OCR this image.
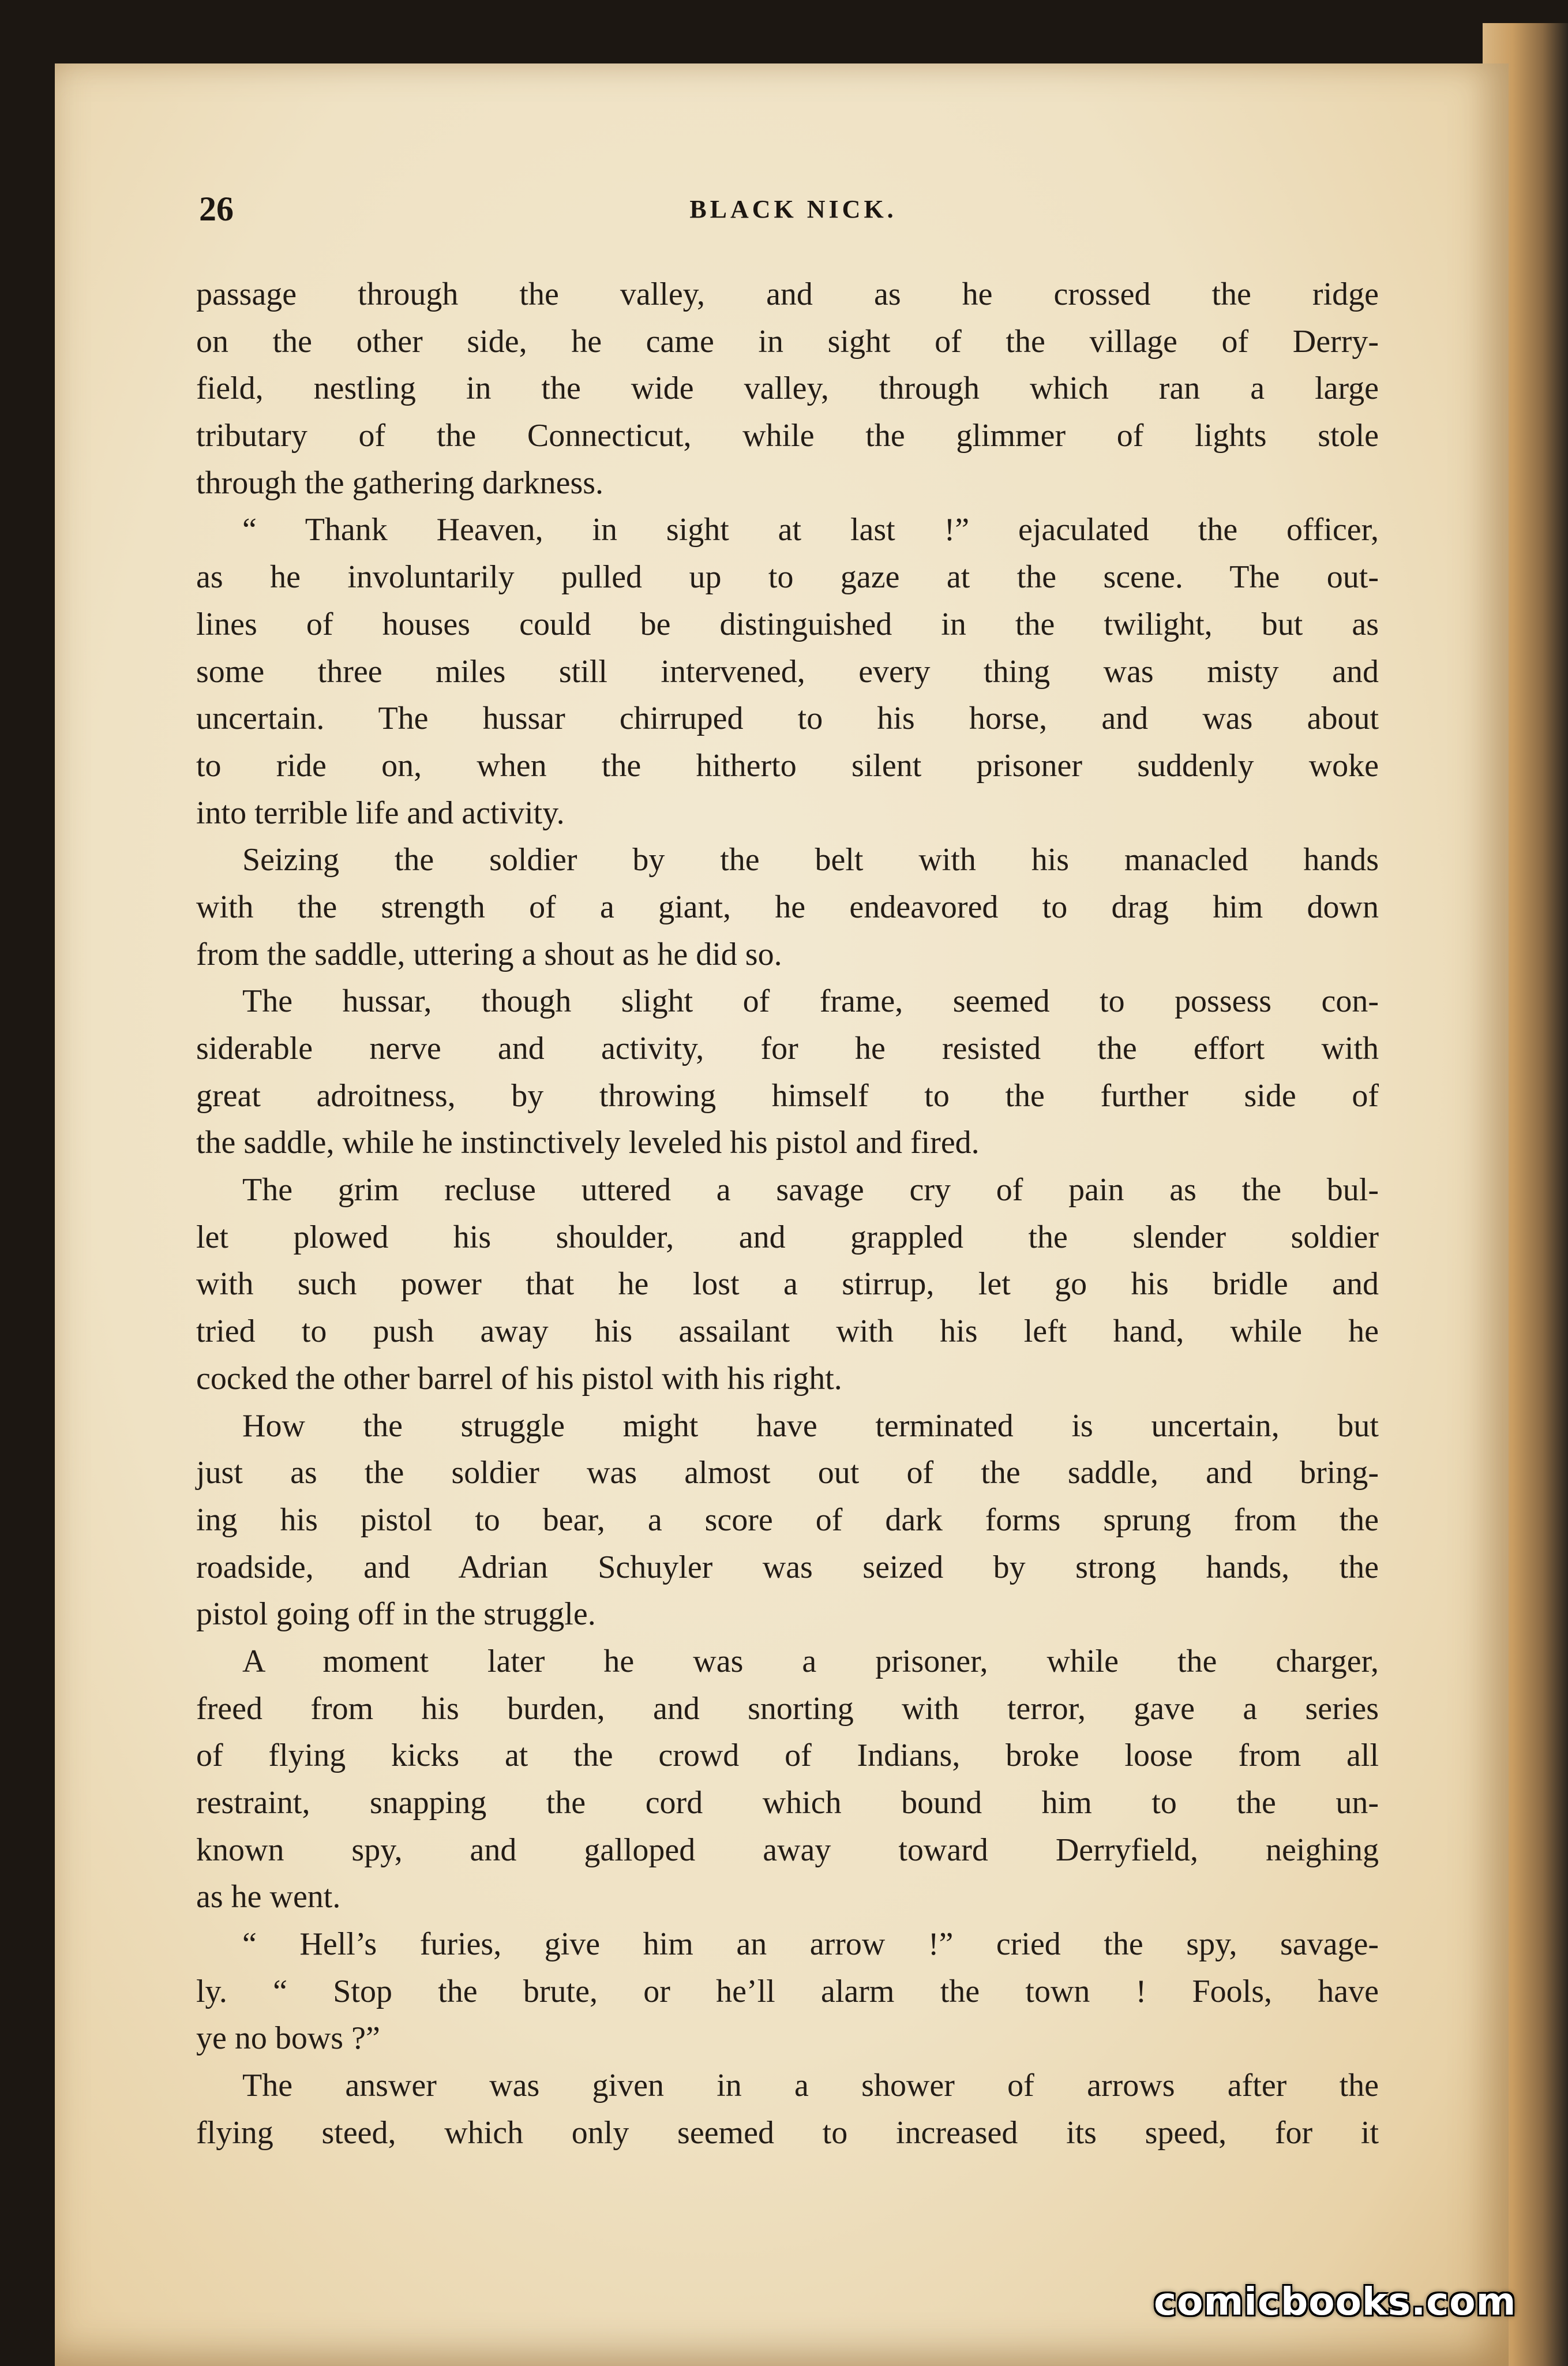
26	BLACK NICK.
passage through the valley, and as he crossed the ridge
on the other side, he came in sight of the village of Derry-
field, nestling in the wide valley, through which ran a large
tributary of the Connecticut, while the glimmer of lights stole
through the gathering darkness.
“ Thank Heaven, in sight at last !” ejaculated the officer,
as he involuntarily pulled up to gaze at the scene. The out-
lines of houses could be distinguished in the twilight, but as
some three miles still intervened, every thing was misty and
uncertain. The hussar chirruped to his horse, and was about
to ride on, when the hitherto silent prisoner suddenly woke
into terrible life and activity.
Seizing the soldier by the belt with his manacled hands
with the strength of a giant, he endeavored to drag him down
from the saddle, uttering a shout as he did so.
The hussar, though slight of frame, seemed to possess con-
siderable nerve and activity, for he resisted the effort with
great adroitness, by throwing himself to the further side of
the saddle, while he instinctively leveled his pistol and fired.
The grim recluse uttered a savage cry of pain as the bul-
let plowed his shoulder, and grappled the slender soldier
with such power that he lost a stirrup, let go his bridle and
tried to push away his assailant with his left hand, while he
cocked the other barrel of his pistol with his right.
How the struggle might have terminated is uncertain, but
just as the soldier was almost out of the saddle, and bring-
ing his pistol to bear, a score of dark forms sprung from the
roadside, and Adrian Schuyler was seized by strong hands, the
pistol going off in the struggle.
A moment later he was a prisoner, while the charger,
freed from his burden, and snorting with terror, gave a series
of flying kicks at the crowd of Indians, broke loose from all
restraint, snapping the cord which bound him to the un-
known spy, and galloped away toward Derryfield, neighing
as he went.
“ Hell’s furies, give him an arrow !” cried the spy, savage-
ly. “ Stop the brute, or he’ll alarm the town ! Fools, have
ye no bows ?”
The answer was given in a shower of arrows after the
flying steed, which only seemed to increased its speed, for it
comicbooks.com
